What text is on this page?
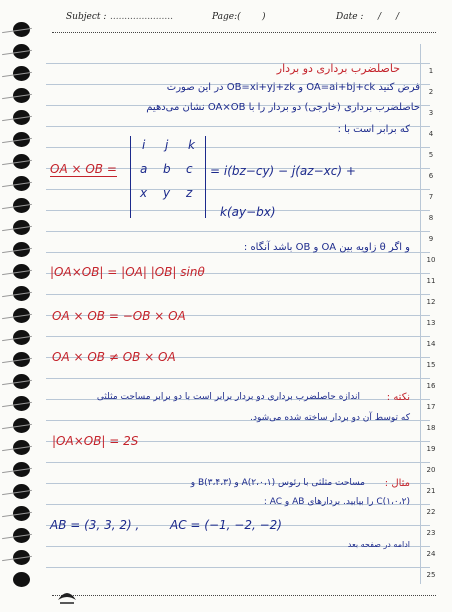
Subject : ......................	Page:( )	Date : / /
1
2
3
4
5
6
7
8
9
10
11
12
13
14
15
16
17
18
19
20
21
22
23
24
25
حاصلضرب برداری دو بردار
فرض کنید OA=ai+bj+ck و OB=xi+yj+zk در این صورت
حاصلضرب برداری (خارجی) دو بردار را با OA×OB نشان می‌دهیم
که برابر است با :
OA × OB =
i j k
a b c
x y z
= i(bz−cy) − j(az−xc) +
k(ay−bx)
و اگر θ زاویه بین OA و OB باشد آنگاه :
|OA×OB| = |OA| |OB| sinθ
OA × OB = −OB × OA
OA × OB ≠ OB × OA
نکته :
اندازه حاصلضرب برداری دو بردار برابر است با دو برابر مساحت مثلثی
که توسط آن دو بردار ساخته شده می‌شود.
|OA×OB| = 2S
مثال :
مساحت مثلثی با رئوس A(۲،۰،۱) و B(۳،۴،۳) و
C(۱،۰،۲) را بیابید. بردارهای AB و AC :
AB = (3, 3, 2) ,	AC = (−1, −2, −2)
ادامه در صفحه بعد
